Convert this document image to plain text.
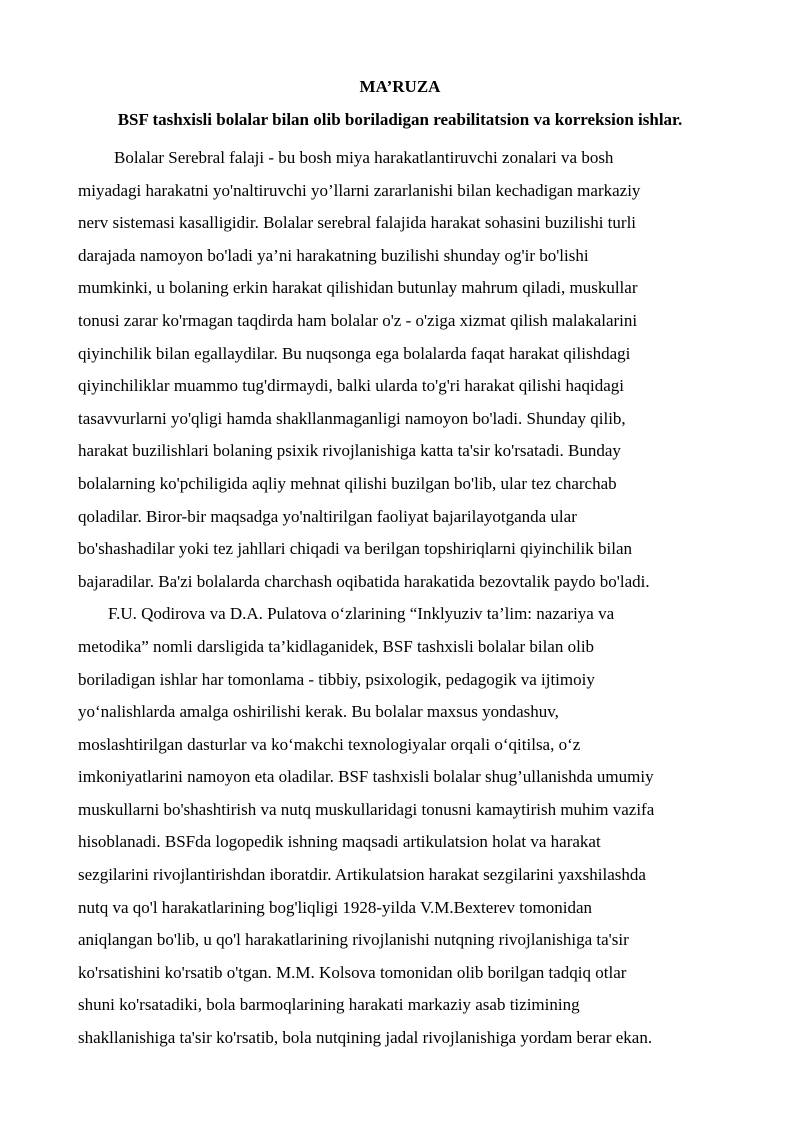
MA’RUZA
BSF tashxisli bolalar bilan olib boriladigan reabilitatsion va korreksion ishlar.
Bolalar Serebral falaji - bu bosh miya harakatlantiruvchi zonalari va bosh
miyadagi harakatni yo'naltiruvchi yo’llarni zararlanishi bilan kechadigan markaziy
nerv sistemasi kasalligidir. Bolalar serebral falajida harakat sohasini buzilishi turli
darajada namoyon bo'ladi ya’ni harakatning buzilishi shunday og'ir bo'lishi
mumkinki, u bolaning erkin harakat qilishidan butunlay mahrum qiladi, muskullar
tonusi zarar ko'rmagan taqdirda ham bolalar o'z - o'ziga xizmat qilish malakalarini
qiyinchilik bilan egallaydilar. Bu nuqsonga ega bolalarda faqat harakat qilishdagi
qiyinchiliklar muammo tug'dirmaydi, balki ularda to'g'ri harakat qilishi haqidagi
tasavvurlarni yo'qligi hamda shakllanmaganligi namoyon bo'ladi. Shunday qilib,
harakat buzilishlari bolaning psixik rivojlanishiga katta ta'sir ko'rsatadi. Bunday
bolalarning ko'pchiligida aqliy mehnat qilishi buzilgan bo'lib, ular tez charchab
qoladilar. Biror-bir maqsadga yo'naltirilgan faoliyat bajarilayotganda ular
bo'shashadilar yoki tez jahllari chiqadi va berilgan topshiriqlarni qiyinchilik bilan
bajaradilar. Ba'zi bolalarda charchash oqibatida harakatida bezovtalik paydo bo'ladi.
F.U. Qodirova va D.A. Pulatova o‘zlarining “Inklyuziv ta’lim: nazariya va
metodika” nomli darsligida ta’kidlaganidek, BSF tashxisli bolalar bilan olib
boriladigan ishlar har tomonlama - tibbiy, psixologik, pedagogik va ijtimoiy
yo‘nalishlarda amalga oshirilishi kerak. Bu bolalar maxsus yondashuv,
moslashtirilgan dasturlar va ko‘makchi texnologiyalar orqali o‘qitilsa, o‘z
imkoniyatlarini namoyon eta oladilar. BSF tashxisli bolalar shug’ullanishda umumiy
muskullarni bo'shashtirish va nutq muskullaridagi tonusni kamaytirish muhim vazifa
hisoblanadi. BSFda logopedik ishning maqsadi artikulatsion holat va harakat
sezgilarini rivojlantirishdan iboratdir. Artikulatsion harakat sezgilarini yaxshilashda
nutq va qo'l harakatlarining bog'liqligi 1928-yilda V.M.Bexterev tomonidan
aniqlangan bo'lib, u qo'l harakatlarining rivojlanishi nutqning rivojlanishiga ta'sir
ko'rsatishini ko'rsatib o'tgan. M.M. Kolsova tomonidan olib borilgan tadqiq otlar
shuni ko'rsatadiki, bola barmoqlarining harakati markaziy asab tizimining
shakllanishiga ta'sir ko'rsatib, bola nutqining jadal rivojlanishiga yordam berar ekan.
